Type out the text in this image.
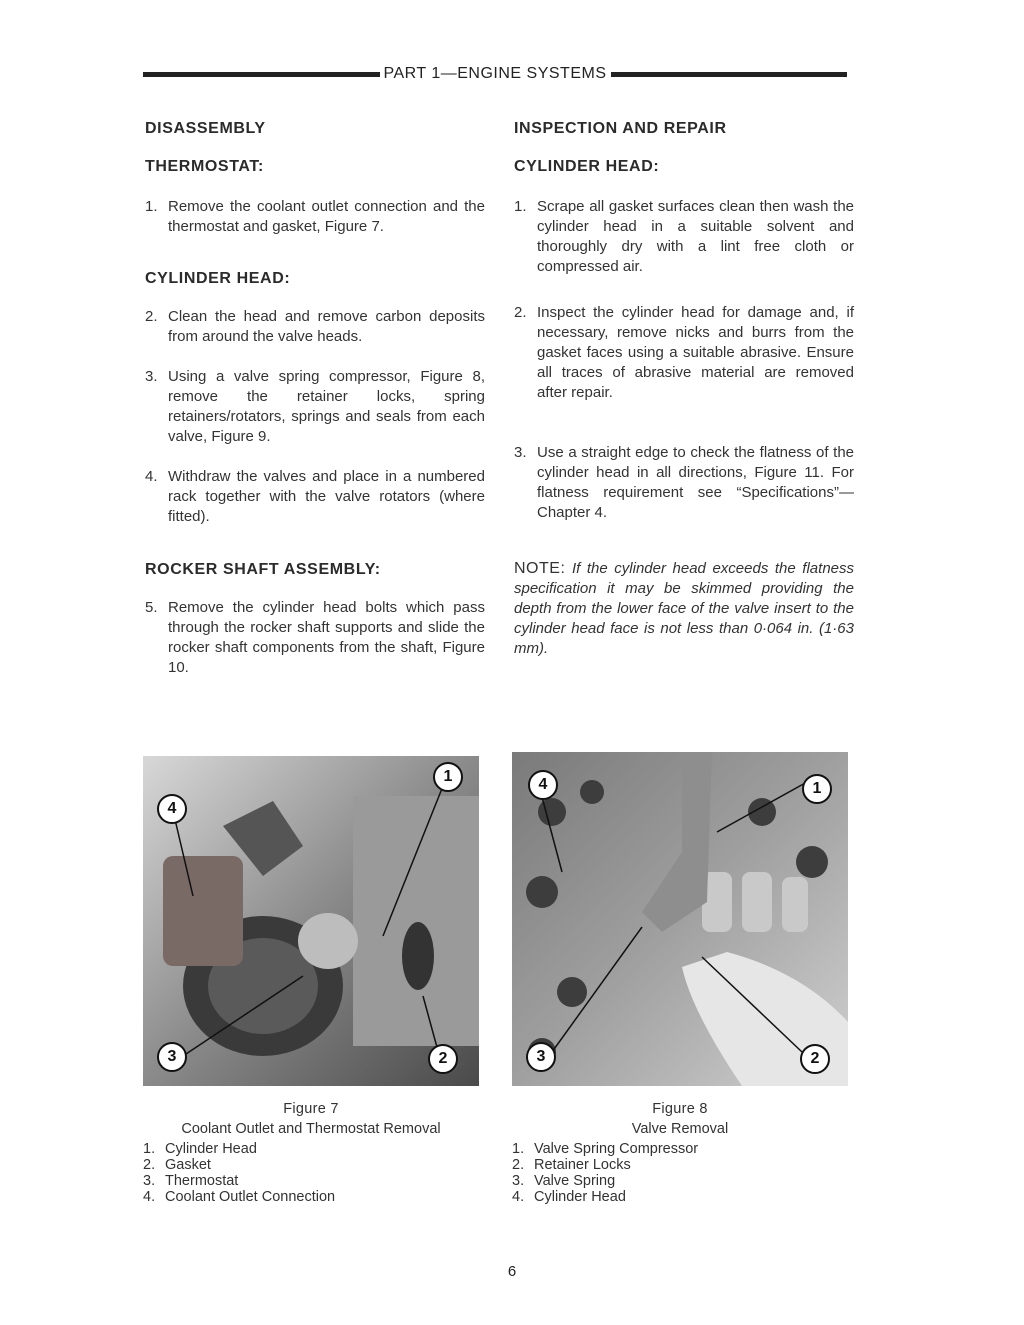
PART 1—ENGINE SYSTEMS
DISASSEMBLY
THERMOSTAT:
1. Remove the coolant outlet connection and the thermostat and gasket, Figure 7.
CYLINDER HEAD:
2. Clean the head and remove carbon deposits from around the valve heads.
3. Using a valve spring compressor, Figure 8, remove the retainer locks, spring retainers/rotators, springs and seals from each valve, Figure 9.
4. Withdraw the valves and place in a numbered rack together with the valve rotators (where fitted).
ROCKER SHAFT ASSEMBLY:
5. Remove the cylinder head bolts which pass through the rocker shaft supports and slide the rocker shaft components from the shaft, Figure 10.
INSPECTION AND REPAIR
CYLINDER HEAD:
1. Scrape all gasket surfaces clean then wash the cylinder head in a suitable solvent and thoroughly dry with a lint free cloth or compressed air.
2. Inspect the cylinder head for damage and, if necessary, remove nicks and burrs from the gasket faces using a suitable abrasive. Ensure all traces of abrasive material are removed after repair.
3. Use a straight edge to check the flatness of the cylinder head in all directions, Figure 11. For flatness requirement see “Specifications”—Chapter 4.
NOTE: If the cylinder head exceeds the flatness specification it may be skimmed providing the depth from the lower face of the valve insert to the cylinder head face is not less than 0·064 in. (1·63 mm).
4
1
3	2
4	1
3	2
Figure 7
Coolant Outlet and Thermostat Removal
1. Cylinder Head
2. Gasket
3. Thermostat
4. Coolant Outlet Connection
Figure 8
Valve Removal
1. Valve Spring Compressor
2. Retainer Locks
3. Valve Spring
4. Cylinder Head
6
